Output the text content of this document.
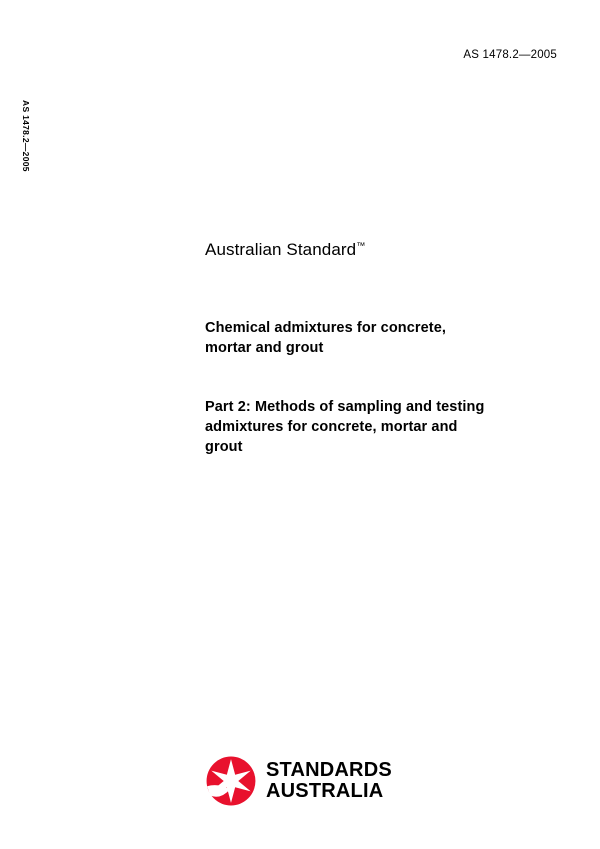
AS 1478.2—2005
AS 1478.2—2005
Australian Standard™
Chemical admixtures for concrete,
mortar and grout
Part 2: Methods of sampling and testing
admixtures for concrete, mortar and
grout
STANDARDS
AUSTRALIA
